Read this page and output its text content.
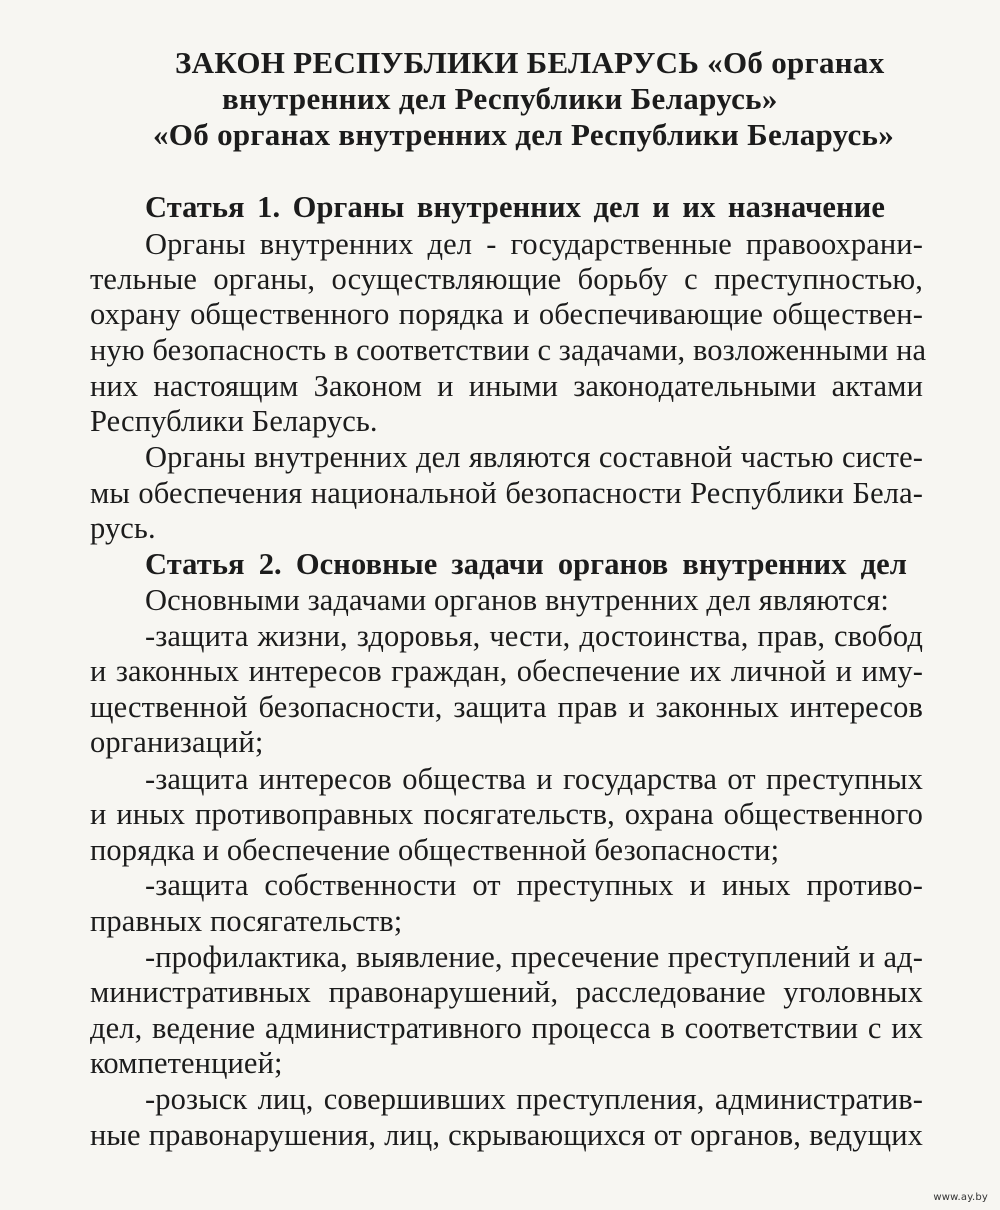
ЗАКОН РЕСПУБЛИКИ БЕЛАРУСЬ «Об органах
внутренних дел Республики Беларусь»
«Об органах внутренних дел Республики Беларусь»
Статья 1. Органы внутренних дел и их назначение
Органы внутренних дел - государственные правоохрани-
тельные органы, осуществляющие борьбу с преступностью,
охрану общественного порядка и обеспечивающие обществен-
ную безопасность в соответствии с задачами, возложенными на
них настоящим Законом и иными законодательными актами
Республики Беларусь.
Органы внутренних дел являются составной частью систе-
мы обеспечения национальной безопасности Республики Бела-
русь.
Статья 2. Основные задачи органов внутренних дел
Основными задачами органов внутренних дел являются:
-защита жизни, здоровья, чести, достоинства, прав, свобод
и законных интересов граждан, обеспечение их личной и иму-
щественной безопасности, защита прав и законных интересов
организаций;
-защита интересов общества и государства от преступных
и иных противоправных посягательств, охрана общественного
порядка и обеспечение общественной безопасности;
-защита собственности от преступных и иных противо-
правных посягательств;
-профилактика, выявление, пресечение преступлений и ад-
министративных правонарушений, расследование уголовных
дел, ведение административного процесса в соответствии с их
компетенцией;
-розыск лиц, совершивших преступления, административ-
ные правонарушения, лиц, скрывающихся от органов, ведущих
www.ay.by
